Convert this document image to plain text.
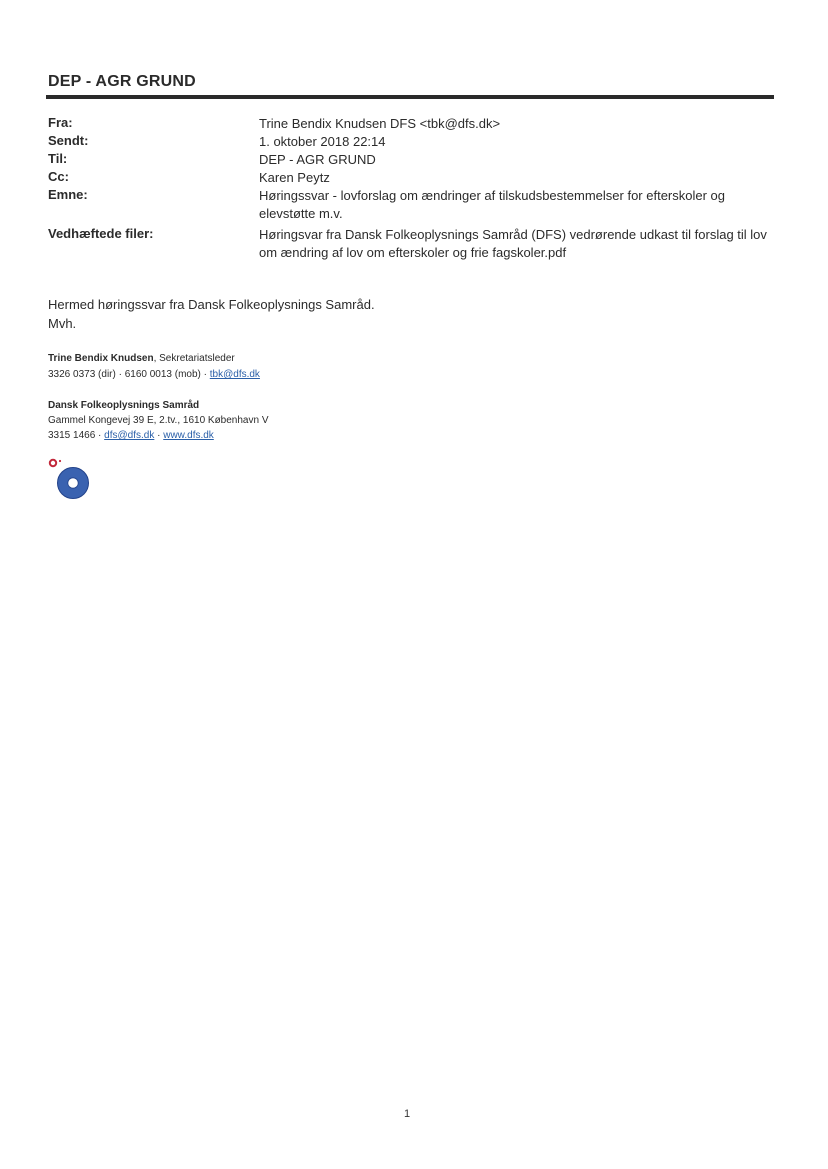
DEP - AGR GRUND
Fra:	Trine Bendix Knudsen DFS <tbk@dfs.dk>
Sendt:	1. oktober 2018 22:14
Til:	DEP - AGR GRUND
Cc:	Karen Peytz
Emne:	Høringssvar - lovforslag om ændringer af tilskudsbestemmelser for efterskoler og elevstøtte m.v.
Vedhæftede filer:	Høringsvar fra Dansk Folkeoplysnings Samråd (DFS) vedrørende udkast til forslag til lov om ændring af lov om efterskoler og frie fagskoler.pdf
Hermed høringssvar fra Dansk Folkeoplysnings Samråd.
Mvh.
Trine Bendix Knudsen, Sekretariatsleder
3326 0373 (dir) · 6160 0013 (mob) · tbk@dfs.dk
Dansk Folkeoplysnings Samråd
Gammel Kongevej 39 E, 2.tv., 1610 København V
3315 1466 · dfs@dfs.dk · www.dfs.dk
1
